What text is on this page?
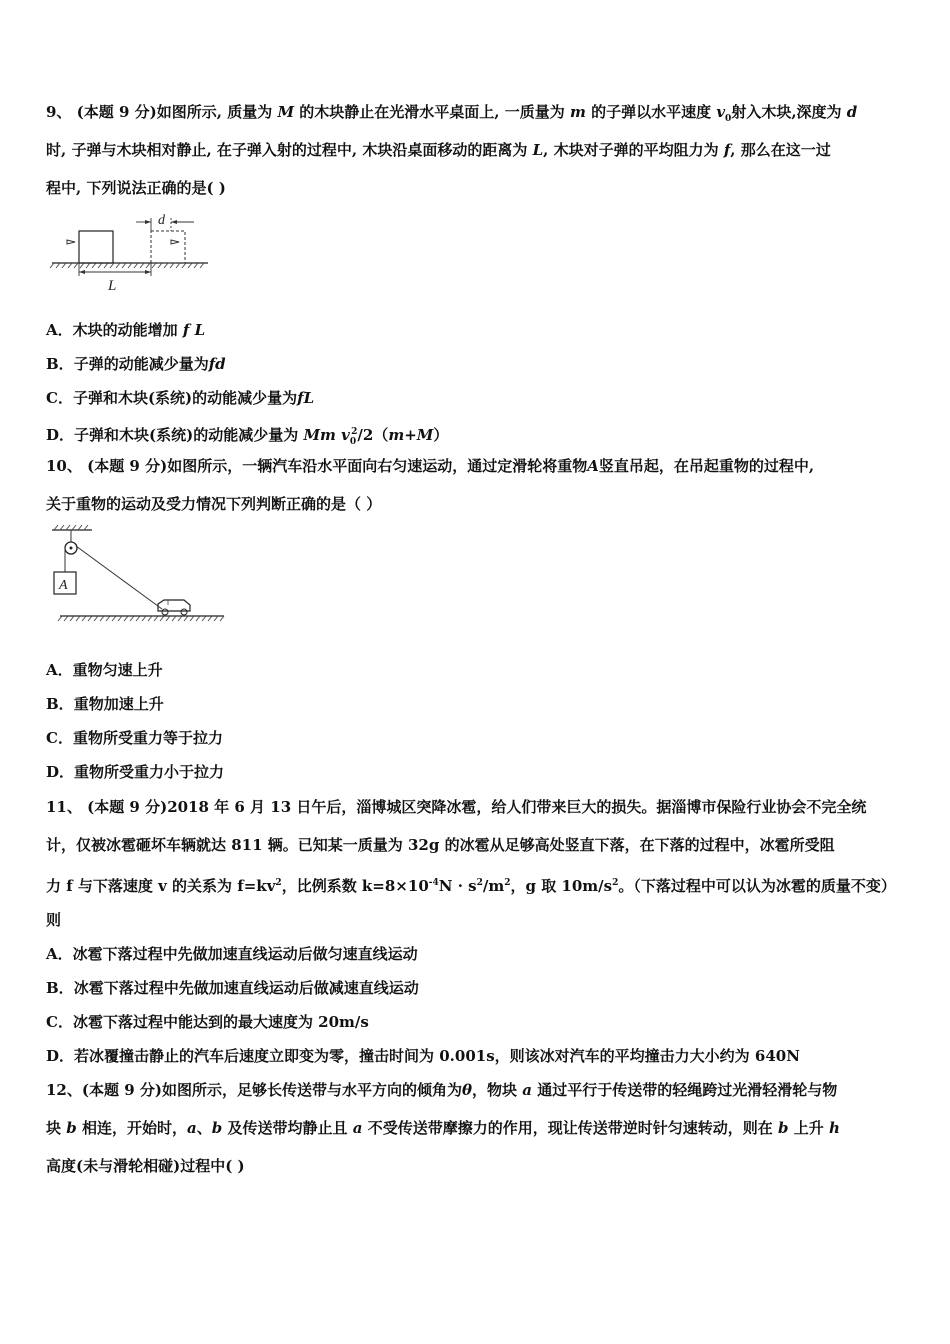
9、 (本题 9 分)如图所示, 质量为 M 的木块静止在光滑水平桌面上, 一质量为 m 的子弹以水平速度 $v_0$射入木块,深度为 d
时, 子弹与木块相对静止, 在子弹入射的过程中, 木块沿桌面移动的距离为 L, 木块对子弹的平均阻力为 f, 那么在这一过
程中, 下列说法正确的是( )
d
L
A．木块的动能增加 f L
B．子弹的动能减少量为fd
C．子弹和木块(系统)的动能减少量为fL
D．子弹和木块(系统)的动能减少量为 Mm $v_0^2/2(m+M)$
10、 (本题 9 分)如图所示，一辆汽车沿水平面向右匀速运动，通过定滑轮将重物A竖直吊起，在吊起重物的过程中,
关于重物的运动及受力情况下列判断正确的是（ ）
A
A．重物匀速上升
B．重物加速上升
C．重物所受重力等于拉力
D．重物所受重力小于拉力
11、 (本题 9 分)2018 年 6 月 13 日午后，淄博城区突降冰雹，给人们带来巨大的损失。据淄博市保险行业协会不完全统
计，仅被冰雹砸坏车辆就达 811 辆。已知某一质量为 32g 的冰雹从足够高处竖直下落，在下落的过程中，冰雹所受阻
力 f 与下落速度 v 的关系为 $f=kv^2$，比例系数 $k=8\times 10^{-4}N \cdot s^2/m^2$，g 取 $10m/s^2$。（下落过程中可以认为冰雹的质量不变）
则
A．冰雹下落过程中先做加速直线运动后做匀速直线运动
B．冰雹下落过程中先做加速直线运动后做减速直线运动
C．冰雹下落过程中能达到的最大速度为 20m/s
D．若冰覆撞击静止的汽车后速度立即变为零，撞击时间为 0.001s，则该冰对汽车的平均撞击力大小约为 640N
12、(本题 9 分)如图所示，足够长传送带与水平方向的倾角为θ，物块 a 通过平行于传送带的轻绳跨过光滑轻滑轮与物
块 b 相连，开始时，a、b 及传送带均静止且 a 不受传送带摩擦力的作用，现让传送带逆时针匀速转动，则在 b 上升 h
高度(未与滑轮相碰)过程中( )
